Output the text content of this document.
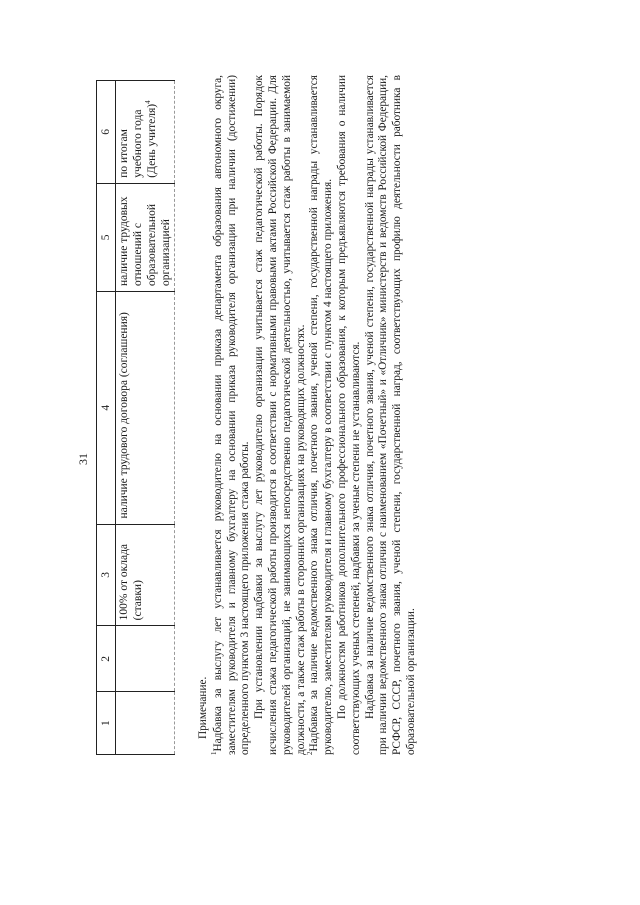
31
1	2	3	4	5	6
		100% от оклада (ставки)	наличие трудового договора (соглашения)	наличие трудовых отношений с образовательной организацией	по итогам учебного года (День учителя)$^4$

Примечание.

$^1$Надбавка за выслугу лет устанавливается руководителю на основании приказа департамента образования автономного округа, заместителям руководителя и главному бухгалтеру на основании приказа руководителя организации при наличии (достижении) определенного пунктом 3 настоящего приложения стажа работы. При установлении надбавки за выслугу лет руководителю организации учитывается стаж педагогической работы. Порядок исчисления стажа педагогической работы производится в соответствии с нормативными правовыми актами Российской Федерации. Для руководителей организаций, не занимающихся непосредственно педагогической деятельностью, учитывается стаж работы в занимаемой должности, а также стаж работы в сторонних организациях на руководящих должностях. $^2$Надбавка за наличие ведомственного знака отличия, почетного звания, ученой степени, государственной награды устанавливается руководителю, заместителям руководителя и главному бухгалтеру в соответствии с пунктом 4 настоящего приложения. По должностям работников дополнительного профессионального образования, к которым предъявляются требования о наличии соответствующих ученых степеней, надбавки за ученые степени не устанавливаются. Надбавка за наличие ведомственного знака отличия, почетного звания, ученой степени, государственной награды устанавливается при наличии ведомственного знака отличия с наименованием «Почетный» и «Отличник» министерств и ведомств Российской Федерации, РСФСР, СССР, почетного звания, ученой степени, государственной наград, соответствующих профилю деятельности работника в образовательной организации.
